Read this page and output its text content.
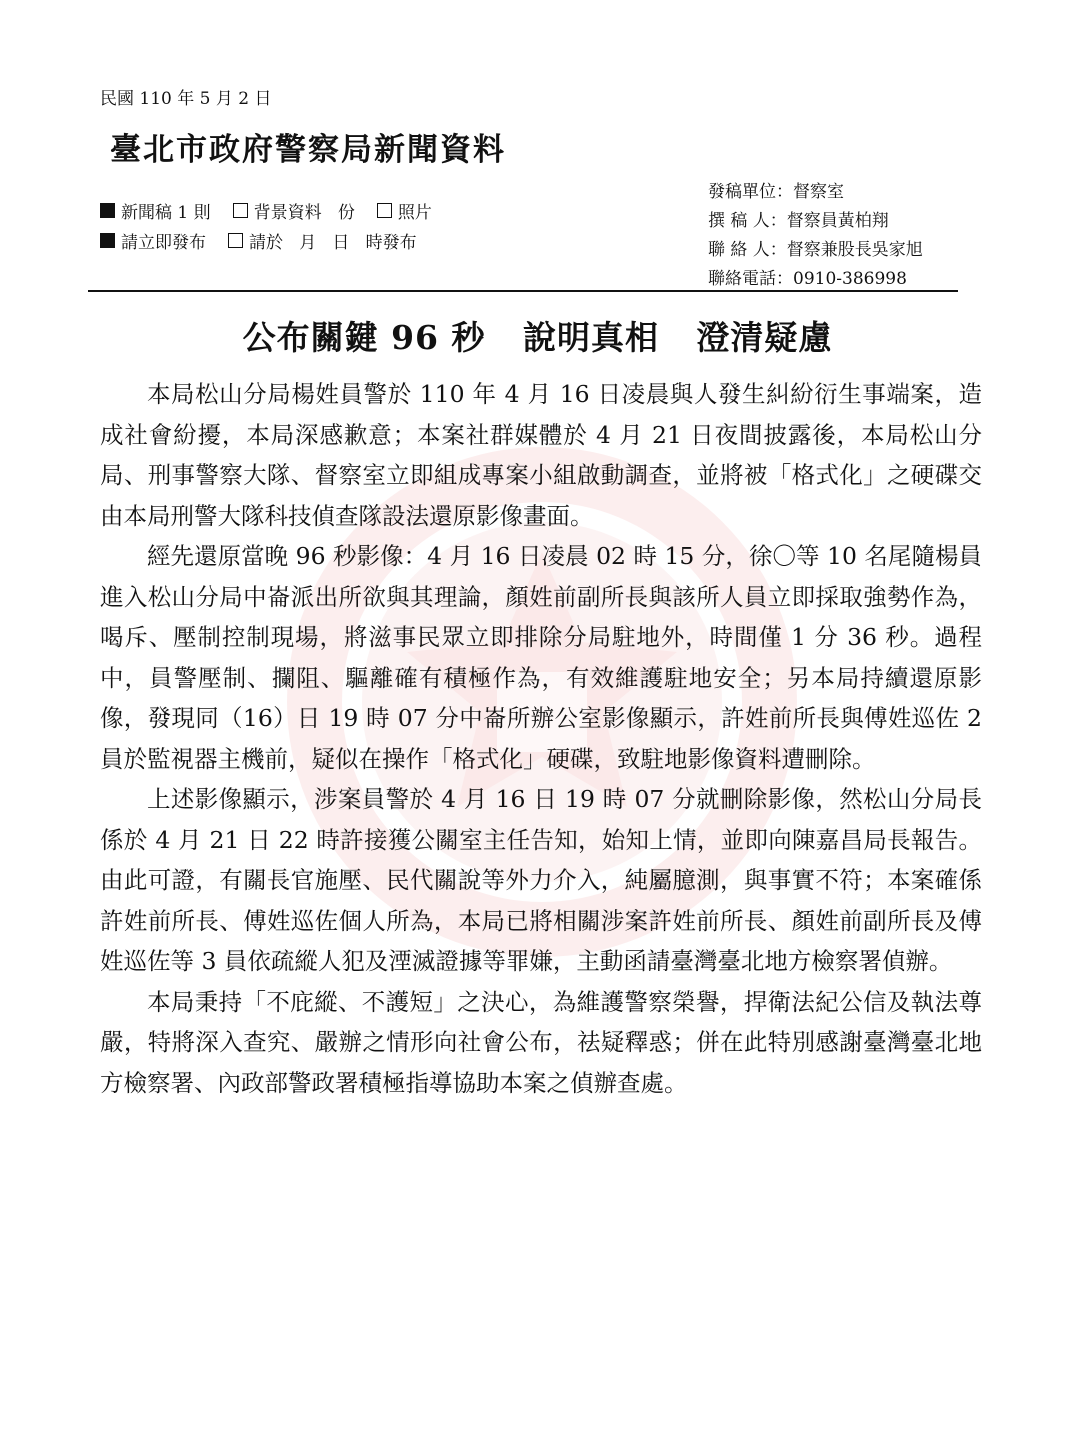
民國 110 年 5 月 2 日
臺北市政府警察局新聞資料
新聞稿 1 則	背景資料   份	照片
請立即發布	請於   月   日   時發布
發稿單位：督察室
撰 稿 人：督察員黃柏翔
聯 絡 人：督察兼股長吳家旭
聯絡電話：0910-386998
公布關鍵 96 秒   說明真相   澄清疑慮

本局松山分局楊姓員警於 110 年 4 月 16 日凌晨與人發生糾紛衍生事端案，造成社會紛擾，本局深感歉意；本案社群媒體於 4 月 21 日夜間披露後，本局松山分局、刑事警察大隊、督察室立即組成專案小組啟動調查，並將被「格式化」之硬碟交由本局刑警大隊科技偵查隊設法還原影像畫面。

經先還原當晚 96 秒影像：4 月 16 日凌晨 02 時 15 分，徐〇等 10 名尾隨楊員進入松山分局中崙派出所欲與其理論，顏姓前副所長與該所人員立即採取強勢作為，喝斥、壓制控制現場，將滋事民眾立即排除分局駐地外，時間僅 1 分 36 秒。過程中，員警壓制、攔阻、驅離確有積極作為，有效維護駐地安全；另本局持續還原影像，發現同（16）日 19 時 07 分中崙所辦公室影像顯示，許姓前所長與傅姓巡佐 2 員於監視器主機前，疑似在操作「格式化」硬碟，致駐地影像資料遭刪除。

上述影像顯示，涉案員警於 4 月 16 日 19 時 07 分就刪除影像，然松山分局長係於 4 月 21 日 22 時許接獲公關室主任告知，始知上情，並即向陳嘉昌局長報告。由此可證，有關長官施壓、民代關說等外力介入，純屬臆測，與事實不符；本案確係許姓前所長、傅姓巡佐個人所為，本局已將相關涉案許姓前所長、顏姓前副所長及傅姓巡佐等 3 員依疏縱人犯及湮滅證據等罪嫌，主動函請臺灣臺北地方檢察署偵辦。

本局秉持「不庇縱、不護短」之決心，為維護警察榮譽，捍衛法紀公信及執法尊嚴，特將深入查究、嚴辦之情形向社會公布，祛疑釋惑；併在此特別感謝臺灣臺北地方檢察署、內政部警政署積極指導協助本案之偵辦查處。
